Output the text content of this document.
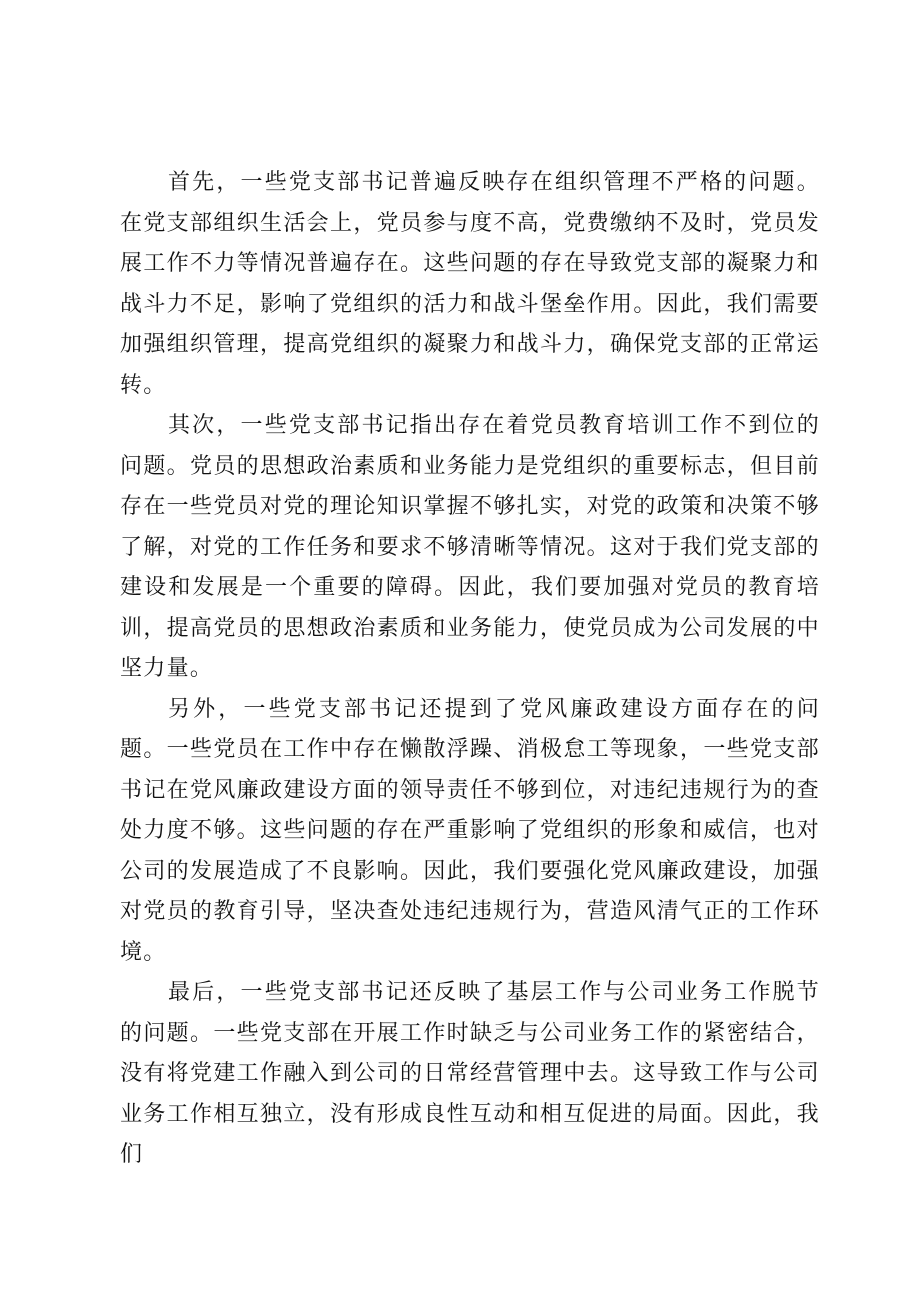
首先，一些党支部书记普遍反映存在组织管理不严格的问题。在党支部组织生活会上，党员参与度不高，党费缴纳不及时，党员发展工作不力等情况普遍存在。这些问题的存在导致党支部的凝聚力和战斗力不足，影响了党组织的活力和战斗堡垒作用。因此，我们需要加强组织管理，提高党组织的凝聚力和战斗力，确保党支部的正常运转。

其次，一些党支部书记指出存在着党员教育培训工作不到位的问题。党员的思想政治素质和业务能力是党组织的重要标志，但目前存在一些党员对党的理论知识掌握不够扎实，对党的政策和决策不够了解，对党的工作任务和要求不够清晰等情况。这对于我们党支部的建设和发展是一个重要的障碍。因此，我们要加强对党员的教育培训，提高党员的思想政治素质和业务能力，使党员成为公司发展的中坚力量。

另外，一些党支部书记还提到了党风廉政建设方面存在的问题。一些党员在工作中存在懒散浮躁、消极怠工等现象，一些党支部书记在党风廉政建设方面的领导责任不够到位，对违纪违规行为的查处力度不够。这些问题的存在严重影响了党组织的形象和威信，也对公司的发展造成了不良影响。因此，我们要强化党风廉政建设，加强对党员的教育引导，坚决查处违纪违规行为，营造风清气正的工作环境。

最后，一些党支部书记还反映了基层工作与公司业务工作脱节的问题。一些党支部在开展工作时缺乏与公司业务工作的紧密结合，没有将党建工作融入到公司的日常经营管理中去。这导致工作与公司业务工作相互独立，没有形成良性互动和相互促进的局面。因此，我们
